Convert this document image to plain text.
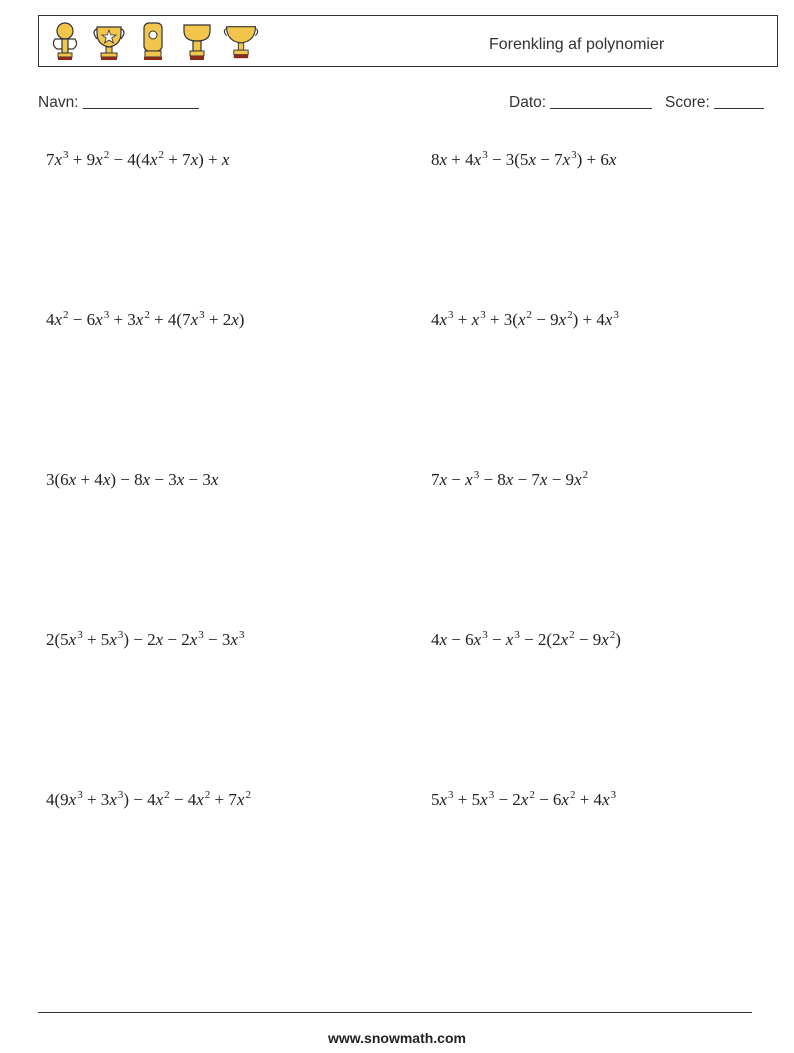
Forenkling af polynomier
Navn:	Dato:	Score:
$7x^3 + 9x^2 - 4(4x^2 + 7x) + x$	$8x + 4x^3 - 3(5x - 7x^3) + 6x$
$4x^2 - 6x^3 + 3x^2 + 4(7x^3 + 2x)$	$4x^3 + x^3 + 3(x^2 - 9x^2) + 4x^3$
3(6x + 4x) − 8x − 3x − 3x	$7x - x^3 - 8x - 7x - 9x^2$
$2(5x^3 + 5x^3) - 2x - 2x^3 - 3x^3$	$4x - 6x^3 - x^3 - 2(2x^2 - 9x^2)$
$4(9x^3 + 3x^3) - 4x^2 - 4x^2 + 7x^2$	$5x^3 + 5x^3 - 2x^2 - 6x^2 + 4x^3$
www.snowmath.com
